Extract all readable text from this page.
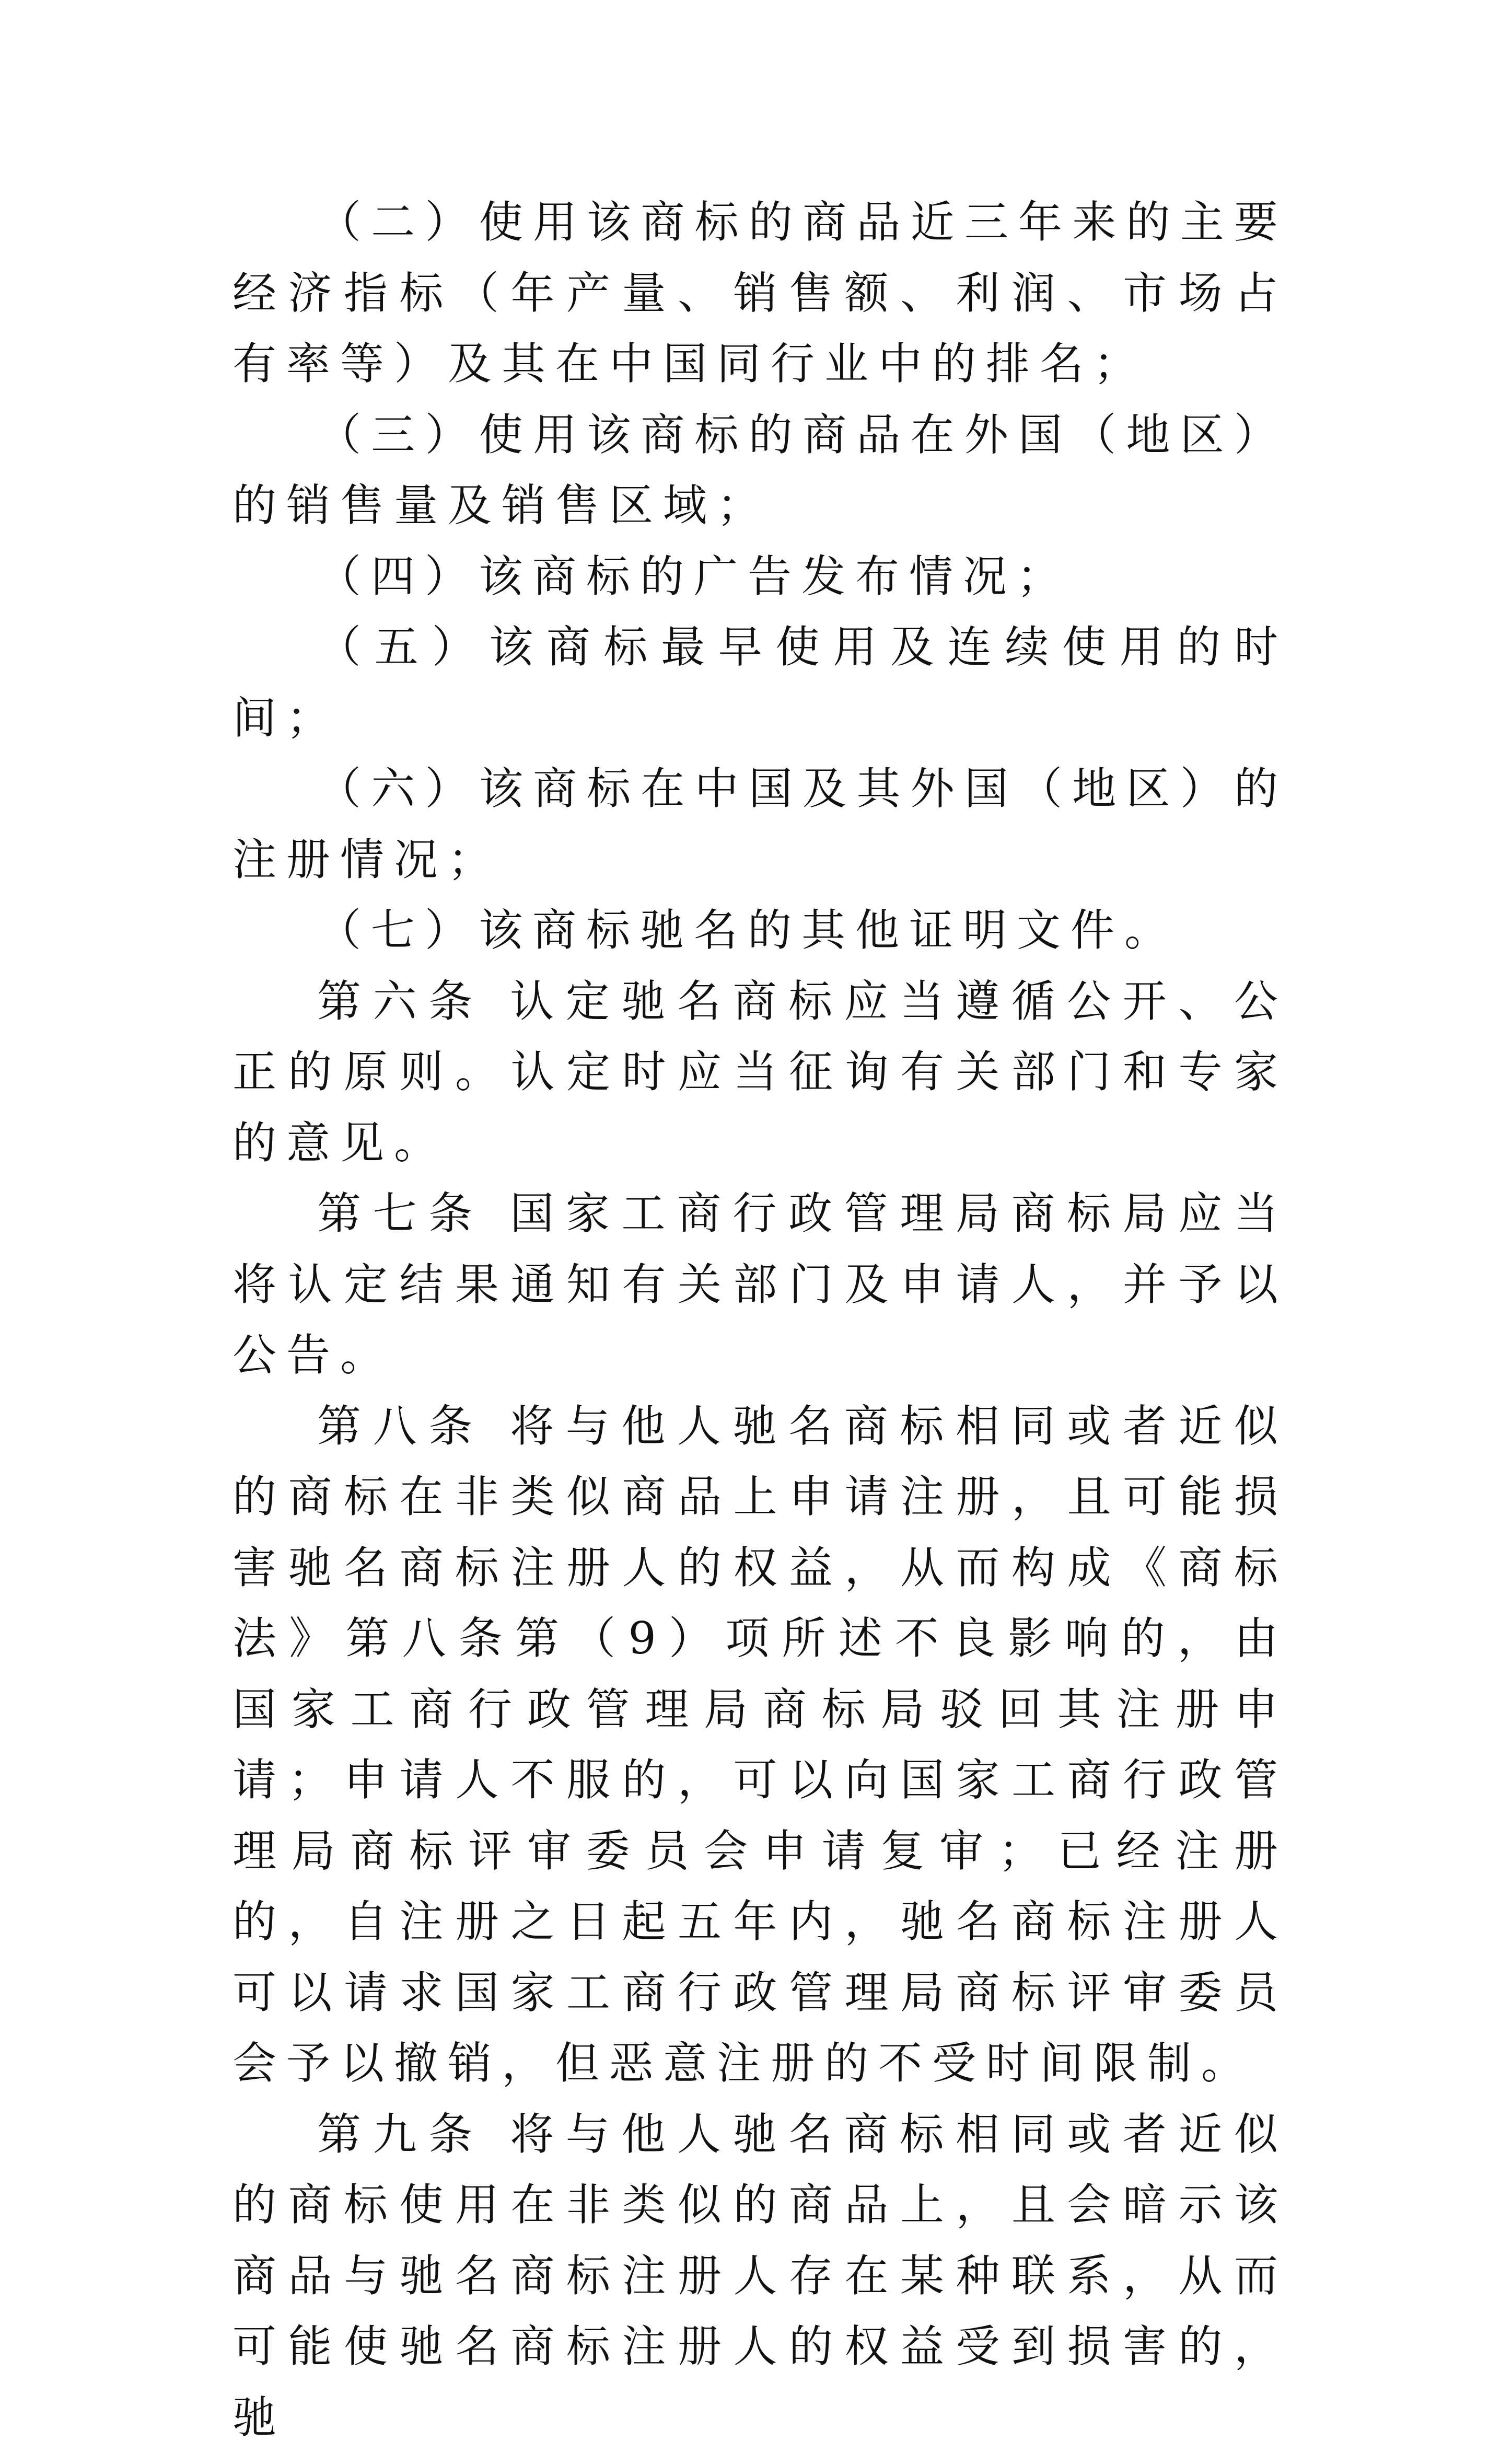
（二）使用该商标的商品近三年来的主要经济指标（年产量、销售额、利润、市场占有率等）及其在中国同行业中的排名；

（三）使用该商标的商品在外国（地区）的销售量及销售区域；

（四）该商标的广告发布情况；

（五）该商标最早使用及连续使用的时间；

（六）该商标在中国及其外国（地区）的注册情况；

（七）该商标驰名的其他证明文件。

第六条 认定驰名商标应当遵循公开、公正的原则。认定时应当征询有关部门和专家的意见。

第七条 国家工商行政管理局商标局应当将认定结果通知有关部门及申请人，并予以公告。

第八条 将与他人驰名商标相同或者近似的商标在非类似商品上申请注册，且可能损害驰名商标注册人的权益，从而构成《商标法》第八条第（9）项所述不良影响的，由国家工商行政管理局商标局驳回其注册申请；申请人不服的，可以向国家工商行政管理局商标评审委员会申请复审；已经注册的，自注册之日起五年内，驰名商标注册人可以请求国家工商行政管理局商标评审委员会予以撤销，但恶意注册的不受时间限制。

第九条 将与他人驰名商标相同或者近似的商标使用在非类似的商品上，且会暗示该商品与驰名商标注册人存在某种联系，从而可能使驰名商标注册人的权益受到损害的，驰
